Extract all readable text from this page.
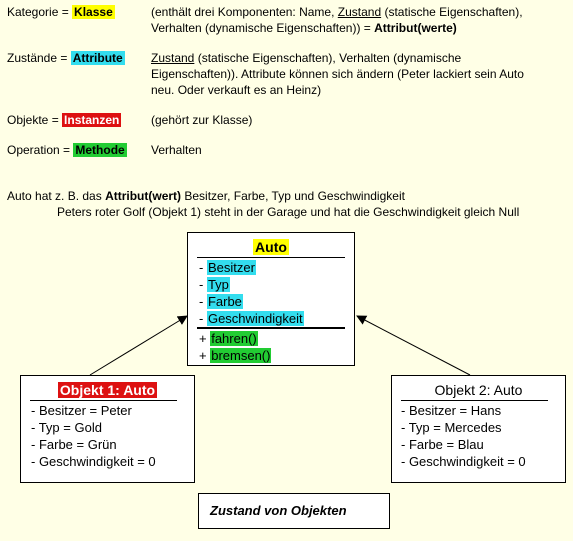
Kategorie = Klasse	(enthält drei Komponenten: Name, Zustand (statische Eigenschaften),
Verhalten (dynamische Eigenschaften)) = Attribut(werte)
Zustände = Attribute Zustand (statische Eigenschaften), Verhalten (dynamische
Eigenschaften)). Attribute können sich ändern (Peter lackiert sein Auto
neu. Oder verkauft es an Heinz)
Objekte = Instanzen	(gehört zur Klasse)
Operation = Methode Verhalten
Auto hat z. B. das Attribut(wert) Besitzer, Farbe, Typ und Geschwindigkeit
Peters roter Golf (Objekt 1) steht in der Garage und hat die Geschwindigkeit gleich Null
Auto
- Besitzer
- Typ
- Farbe
- Geschwindigkeit
+ fahren()
+ bremsen()
Objekt 1: Auto
- Besitzer = Peter
- Typ = Gold
- Farbe = Grün
- Geschwindigkeit = 0
Objekt 2: Auto
- Besitzer = Hans
- Typ = Mercedes
- Farbe = Blau
- Geschwindigkeit = 0
Zustand von Objekten
